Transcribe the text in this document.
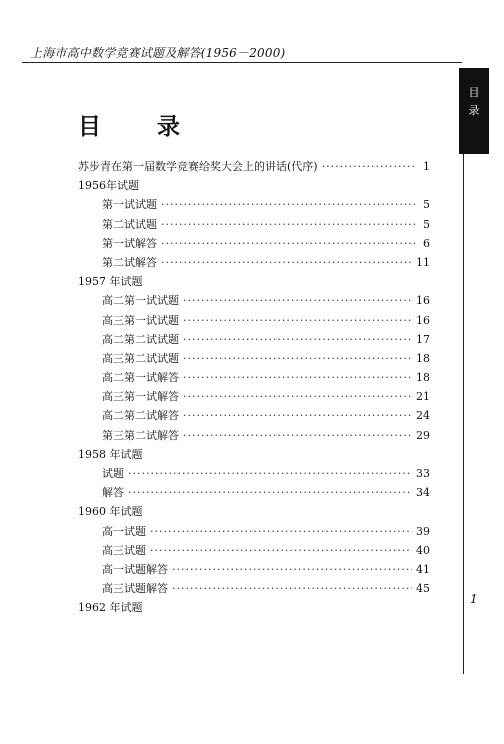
上海市高中数学竞赛试题及解答(1956－2000)
目
录
目 录
苏步青在第一届数学竞赛给奖大会上的讲话(代序) ·····	1
1956年试题
第一试试题 ·····	5
第二试试题 ·····	5
第一试解答 ·····	6
第二试解答 ·····	11
1957 年试题
高二第一试试题 ·····	16
高三第一试试题 ·····	16
高二第二试试题 ·····	17
高三第二试试题 ·····	18
高二第一试解答 ·····	18
高三第一试解答 ·····	21
高二第二试解答 ·····	24
第三第二试解答 ·····	29
1958 年试题
试题 ·····	33
解答 ·····	34
1960 年试题
高一试题 ·····	39
高三试题 ·····	40
高一试题解答 ·····	41
高三试题解答 ·····	45
1962 年试题
1
